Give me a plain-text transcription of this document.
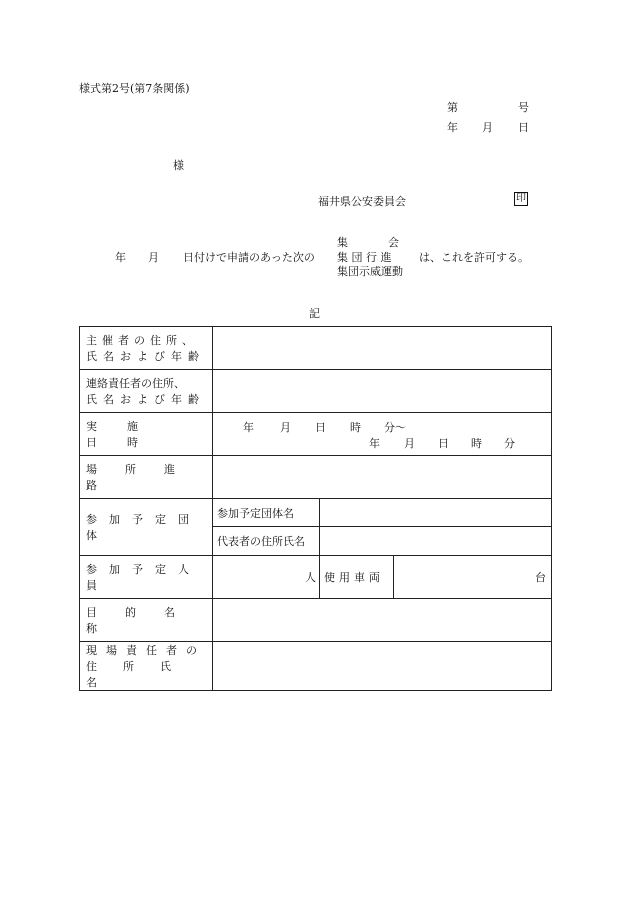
様式第2号(第7条関係)
第	号
年 月 日
様
福井県公安委員会	印
年 月 日付けで申請のあった次の
集　　会
集 団 行 進
集団示威運動
は、これを許可する。
記
主催者の住所、
氏名および年齢			

連絡責任者の住所、
氏名および年齢			

実施日時	年 月 日 時 分～
年 月 日 時 分		

場所進路			

参加予定団体	参加予定団体名		
	代表者の住所氏名		

参加予定人員	人	使用車両	台

目的名称			

現場責任者の
住所氏名			
